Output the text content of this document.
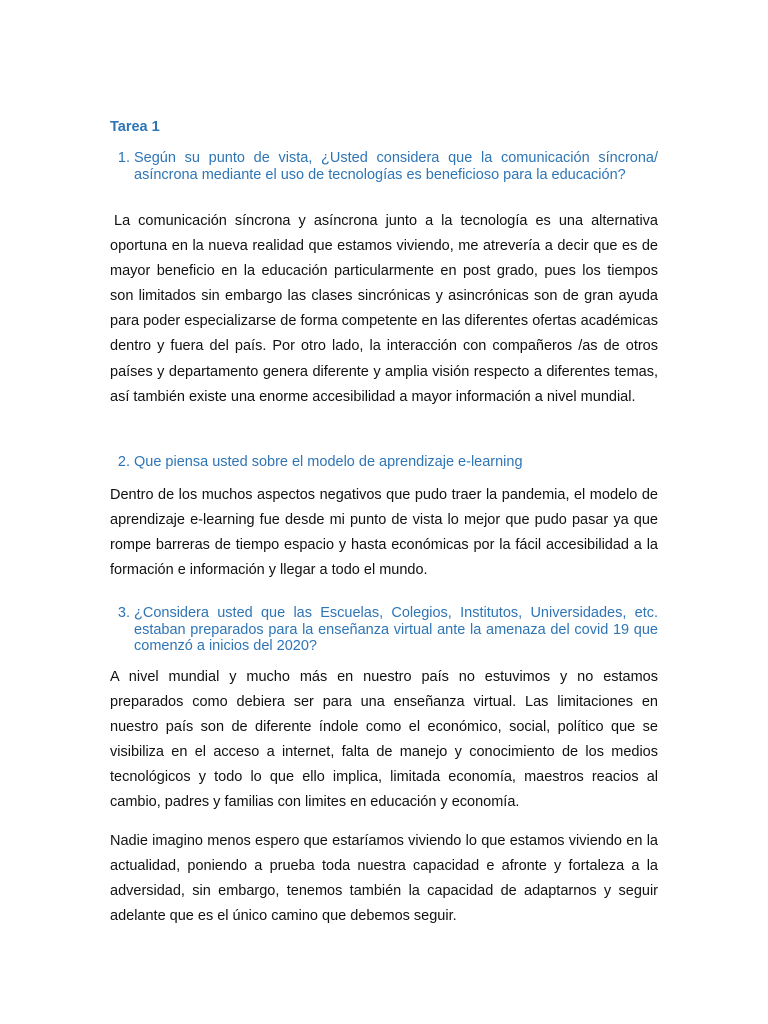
Tarea 1
1. Según su punto de vista, ¿Usted considera que la comunicación síncrona/ asíncrona mediante el uso de tecnologías es beneficioso para la educación?

La comunicación síncrona y asíncrona junto a la tecnología es una alternativa oportuna en la nueva realidad que estamos viviendo, me atrevería a decir que es de mayor beneficio en la educación particularmente en post grado, pues los tiempos son limitados sin embargo las clases sincrónicas y asincrónicas son de gran ayuda para poder especializarse de forma competente en las diferentes ofertas académicas dentro y fuera del país. Por otro lado, la interacción con compañeros /as de otros países y departamento genera diferente y amplia visión respecto a diferentes temas, así también existe una enorme accesibilidad a mayor información a nivel mundial.

2. Que piensa usted sobre el modelo de aprendizaje e-learning

Dentro de los muchos aspectos negativos que pudo traer la pandemia, el modelo de aprendizaje e-learning fue desde mi punto de vista lo mejor que pudo pasar ya que rompe barreras de tiempo espacio y hasta económicas por la fácil accesibilidad a la formación e información y llegar a todo el mundo.

3. ¿Considera usted que las Escuelas, Colegios, Institutos, Universidades, etc. estaban preparados para la enseñanza virtual ante la amenaza del covid 19 que comenzó a inicios del 2020?

A nivel mundial y mucho más en nuestro país no estuvimos y no estamos preparados como debiera ser para una enseñanza virtual. Las limitaciones en nuestro país son de diferente índole como el económico, social, político que se visibiliza en el acceso a internet, falta de manejo y conocimiento de los medios tecnológicos y todo lo que ello implica, limitada economía, maestros reacios al cambio, padres y familias con limites en educación y economía.

Nadie imagino menos espero que estaríamos viviendo lo que estamos viviendo en la actualidad, poniendo a prueba toda nuestra capacidad e afronte y fortaleza a la adversidad, sin embargo, tenemos también la capacidad de adaptarnos y seguir adelante que es el único camino que debemos seguir.
